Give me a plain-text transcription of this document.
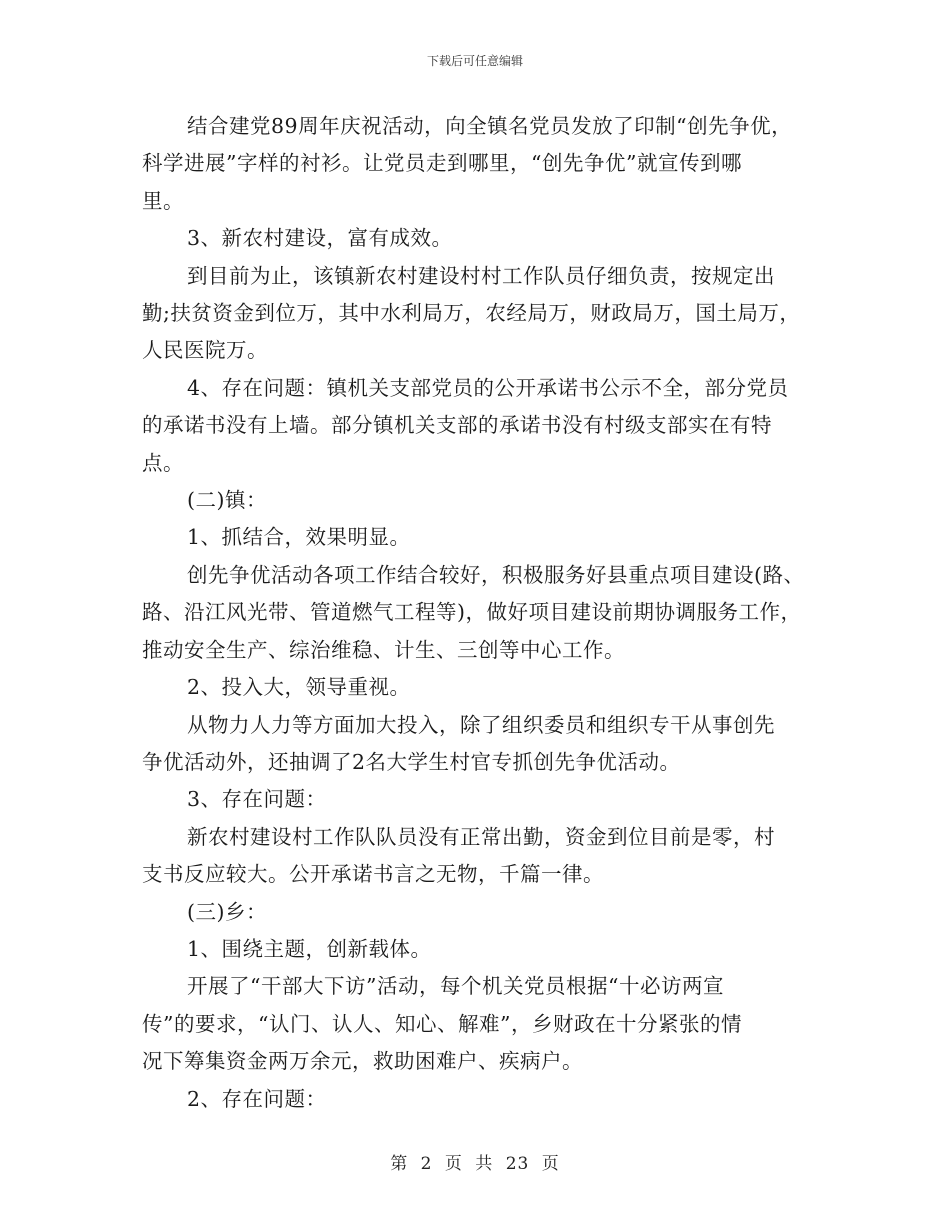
下载后可任意编辑

结合建党89周年庆祝活动，向全镇名党员发放了印制“创先争优，
科学进展”字样的衬衫。让党员走到哪里，“创先争优”就宣传到哪
里。

3、新农村建设，富有成效。

到目前为止，该镇新农村建设村村工作队员仔细负责，按规定出
勤;扶贫资金到位万，其中水利局万，农经局万，财政局万，国土局万，
人民医院万。

4、存在问题：镇机关支部党员的公开承诺书公示不全，部分党员
的承诺书没有上墙。部分镇机关支部的承诺书没有村级支部实在有特
点。

(二)镇：

1、抓结合，效果明显。

创先争优活动各项工作结合较好，积极服务好县重点项目建设(路、
路、沿江风光带、管道燃气工程等)，做好项目建设前期协调服务工作，
推动安全生产、综治维稳、计生、三创等中心工作。

2、投入大，领导重视。

从物力人力等方面加大投入，除了组织委员和组织专干从事创先
争优活动外，还抽调了2名大学生村官专抓创先争优活动。

3、存在问题：

新农村建设村工作队队员没有正常出勤，资金到位目前是零，村
支书反应较大。公开承诺书言之无物，千篇一律。

(三)乡：

1、围绕主题，创新载体。

开展了“干部大下访”活动，每个机关党员根据“十必访两宣
传”的要求，“认门、认人、知心、解难”，乡财政在十分紧张的情
况下筹集资金两万余元，救助困难户、疾病户。

2、存在问题：

第 2 页 共 23 页
